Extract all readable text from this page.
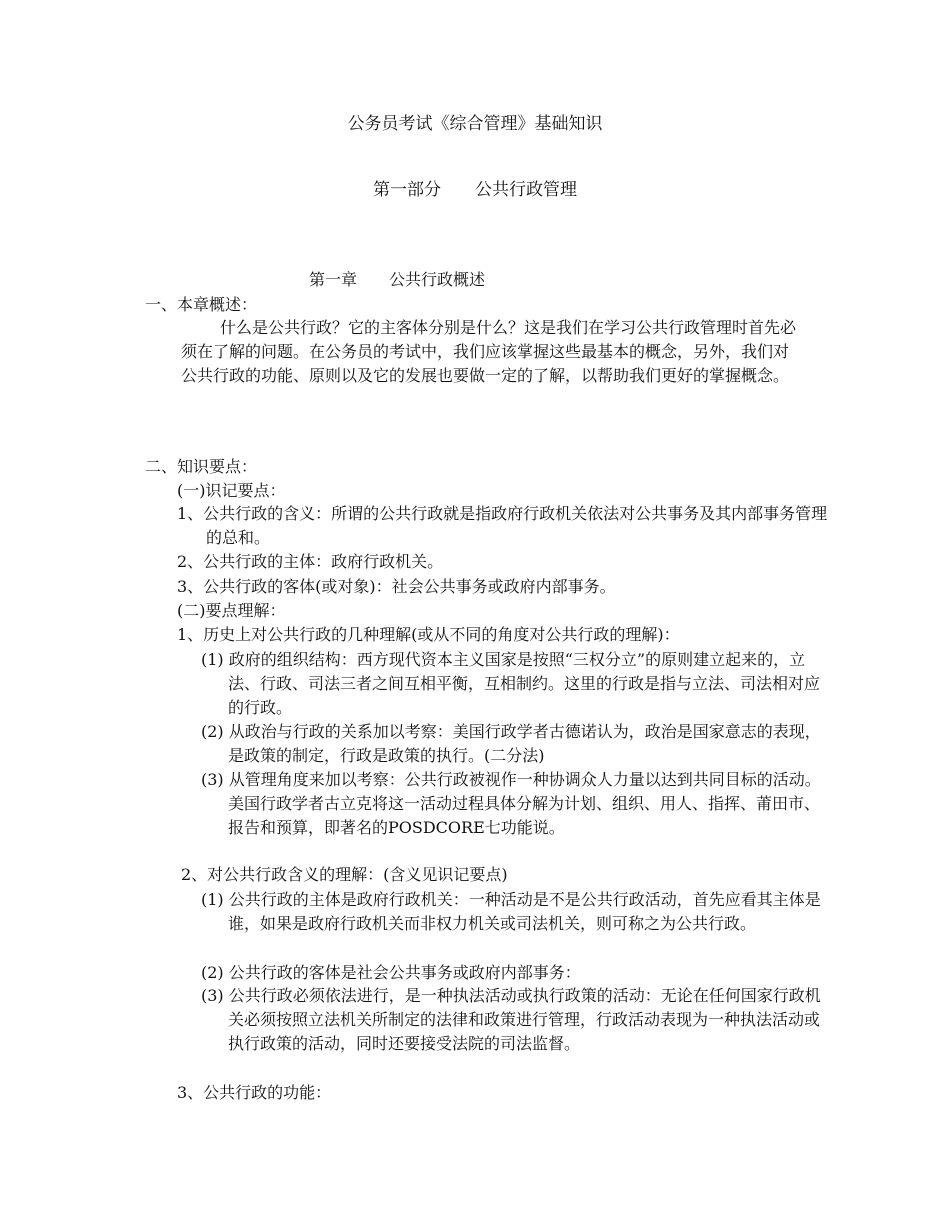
公务员考试《综合管理》基础知识
第一部分　　公共行政管理
第一章　　公共行政概述
一、本章概述：
什么是公共行政？它的主客体分别是什么？这是我们在学习公共行政管理时首先必须在了解的问题。在公务员的考试中，我们应该掌握这些最基本的概念，另外，我们对公共行政的功能、原则以及它的发展也要做一定的了解，以帮助我们更好的掌握概念。
二、知识要点：
(一)识记要点：
1、公共行政的含义：所谓的公共行政就是指政府行政机关依法对公共事务及其内部事务管理的总和。
2、公共行政的主体：政府行政机关。
3、公共行政的客体(或对象)：社会公共事务或政府内部事务。
(二)要点理解：
1、历史上对公共行政的几种理解(或从不同的角度对公共行政的理解)：
(1) 政府的组织结构：西方现代资本主义国家是按照“三权分立”的原则建立起来的，立法、行政、司法三者之间互相平衡，互相制约。这里的行政是指与立法、司法相对应的行政。
(2) 从政治与行政的关系加以考察：美国行政学者古德诺认为，政治是国家意志的表现，是政策的制定，行政是政策的执行。(二分法)
(3) 从管理角度来加以考察：公共行政被视作一种协调众人力量以达到共同目标的活动。美国行政学者古立克将这一活动过程具体分解为计划、组织、用人、指挥、莆田市、报告和预算，即著名的POSDCORE七功能说。
2、对公共行政含义的理解：(含义见识记要点)
(1) 公共行政的主体是政府行政机关：一种活动是不是公共行政活动，首先应看其主体是谁，如果是政府行政机关而非权力机关或司法机关，则可称之为公共行政。
(2) 公共行政的客体是社会公共事务或政府内部事务：
(3) 公共行政必须依法进行，是一种执法活动或执行政策的活动：无论在任何国家行政机关必须按照立法机关所制定的法律和政策进行管理，行政活动表现为一种执法活动或执行政策的活动，同时还要接受法院的司法监督。
3、公共行政的功能：
